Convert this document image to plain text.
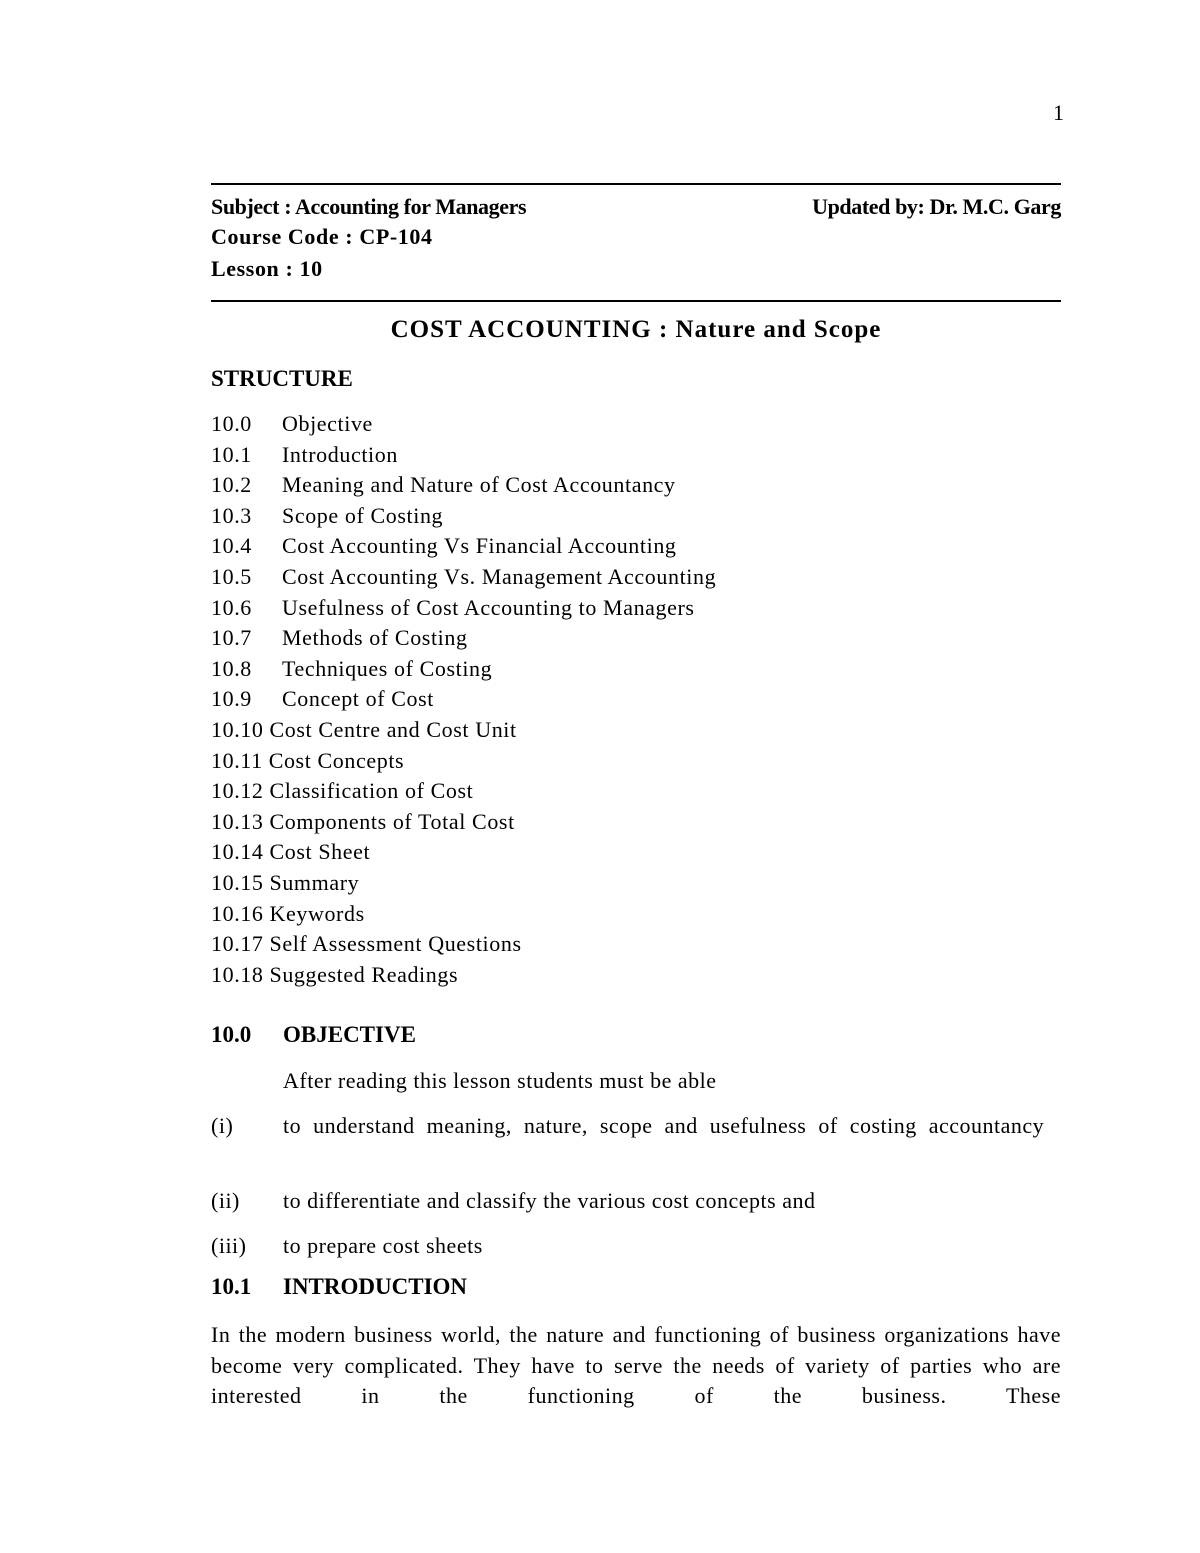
1
Subject : Accounting for Managers	Updated by: Dr. M.C. Garg
Course Code : CP-104
Lesson : 10
COST ACCOUNTING : Nature and Scope
STRUCTURE
10.0 Objective
10.1 Introduction
10.2 Meaning and Nature of Cost Accountancy
10.3 Scope of Costing
10.4 Cost Accounting Vs Financial Accounting
10.5 Cost Accounting Vs. Management Accounting
10.6 Usefulness of Cost Accounting to Managers
10.7 Methods of Costing
10.8 Techniques of Costing
10.9 Concept of Cost
10.10 Cost Centre and Cost Unit
10.11 Cost Concepts
10.12 Classification of Cost
10.13 Components of Total Cost
10.14 Cost Sheet
10.15 Summary
10.16 Keywords
10.17 Self Assessment Questions
10.18 Suggested Readings
10.0 OBJECTIVE
After reading this lesson students must be able
(i) to understand meaning, nature, scope and usefulness of costing accountancy
(ii) to differentiate and classify the various cost concepts and
(iii) to prepare cost sheets
10.1 INTRODUCTION
In the modern business world, the nature and functioning of business organizations have become very complicated. They have to serve the needs of variety of parties who are interested in the functioning of the business. These
